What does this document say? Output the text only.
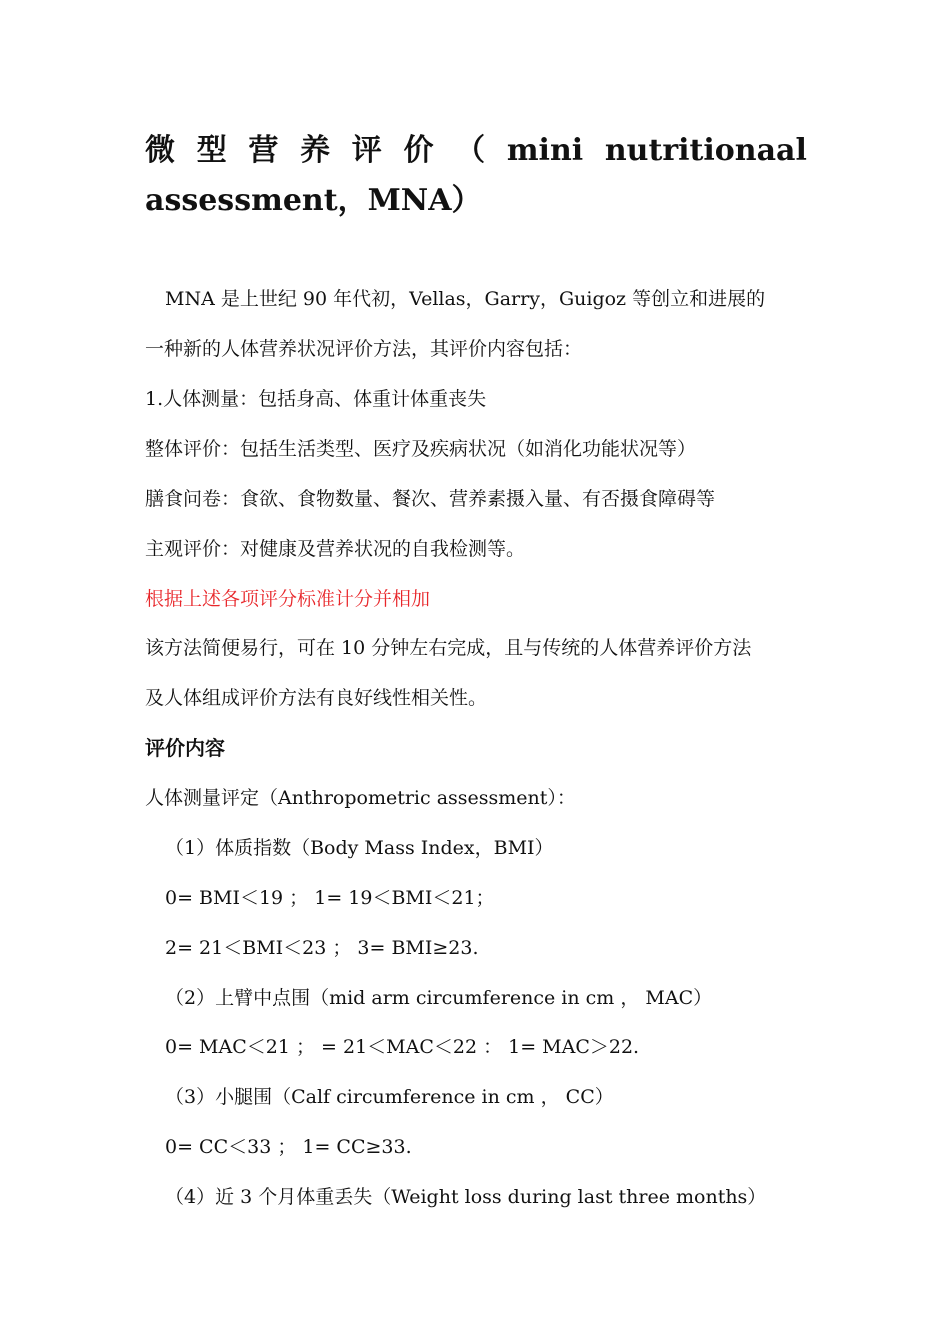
微 型 营 养 评 价 （ mini nutritionaal
assessment，MNA）

MNA 是上世纪 90 年代初，Vellas，Garry，Guigoz 等创立和进展的

一种新的人体营养状况评价方法，其评价内容包括：

1.人体测量：包括身高、体重计体重丧失

整体评价：包括生活类型、医疗及疾病状况（如消化功能状况等）

膳食问卷：食欲、食物数量、餐次、营养素摄入量、有否摄食障碍等

主观评价：对健康及营养状况的自我检测等。

根据上述各项评分标准计分并相加

该方法简便易行，可在 10 分钟左右完成，且与传统的人体营养评价方法

及人体组成评价方法有良好线性相关性。

评价内容

人体测量评定（Anthropometric assessment）：

（1）体质指数（Body Mass Index，BMI）

0= BMI＜19 ； 1= 19＜BMI＜21；

2= 21＜BMI＜23 ； 3= BMI≥23.

（2）上臂中点围（mid arm circumference in cm ， MAC）

0= MAC＜21 ； = 21＜MAC＜22 ： 1= MAC＞22.

（3）小腿围（Calf circumference in cm ， CC）

0= CC＜33 ； 1= CC≥33.

（4）近 3 个月体重丢失（Weight loss during last three months）
